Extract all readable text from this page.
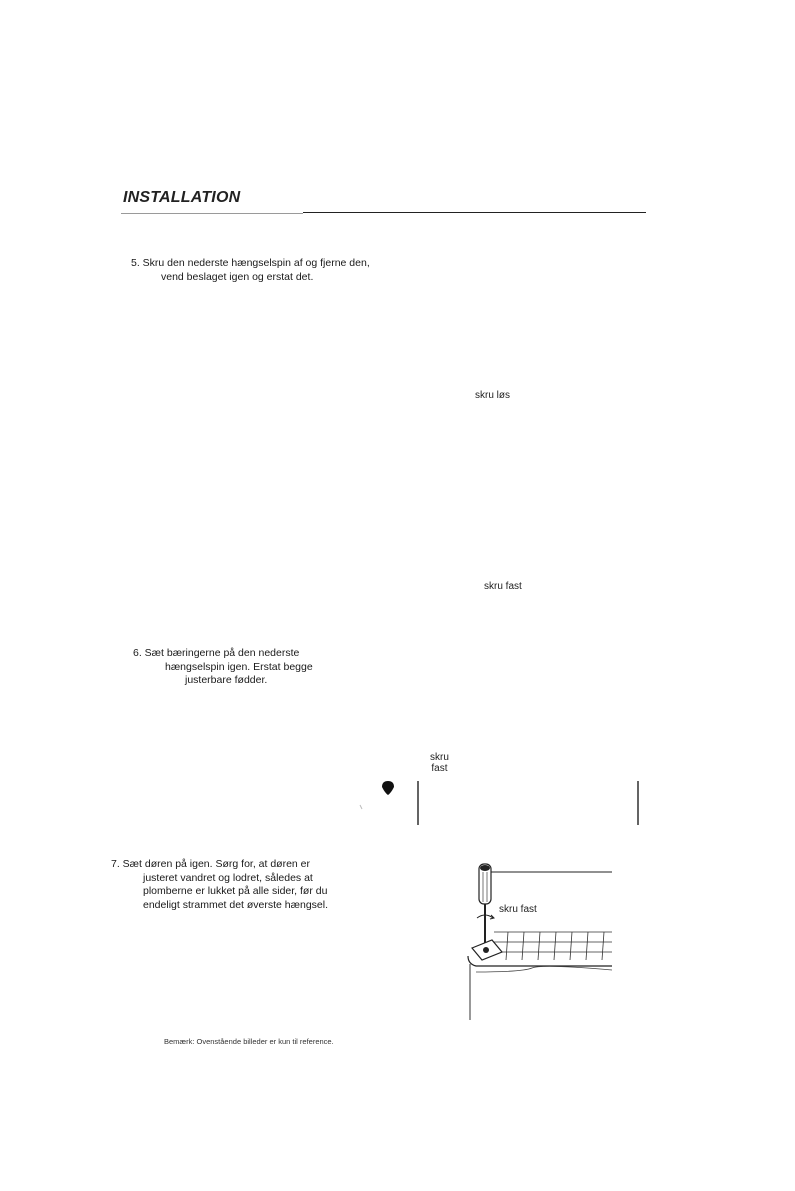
INSTALLATION
5. Skru den nederste hængselspin af og fjerne den,
vend beslaget igen og erstat det.
skru løs
skru fast
6. Sæt bæringerne på den nederste
hængselspin igen. Erstat begge
justerbare fødder.
skru
fast
7. Sæt døren på igen. Sørg for, at døren er
justeret vandret og lodret, således at
plomberne er lukket på alle sider, før du
endeligt strammet det øverste hængsel.	skru fast
Bemærk: Ovenstående billeder er kun til reference.
